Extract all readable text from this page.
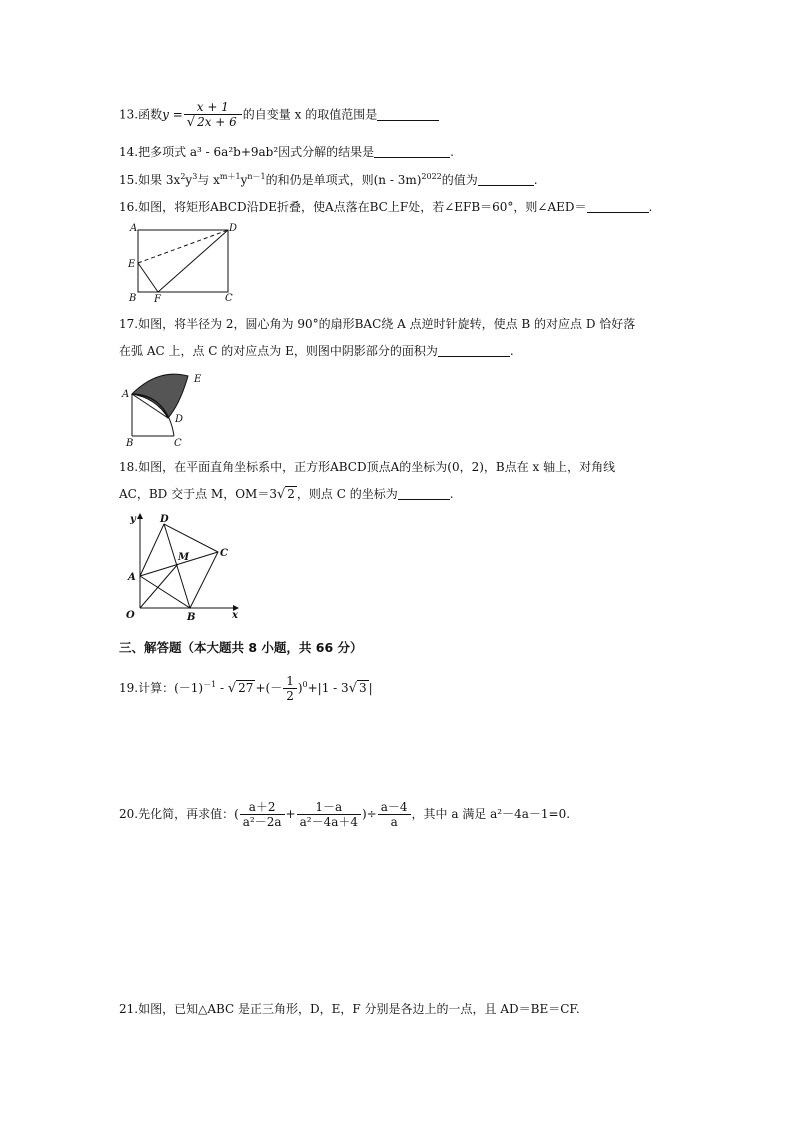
13.函数$y = \frac{x + 1}{√ 2x + 6}$ 的自变量 x 的取值范围是
14.把多项式 a³ - 6a²b+9ab²因式分解的结果是	.
15.如果 $3x^2y^3$与 $x^{m+1}y^{n-1}$的和仍是单项式，则(n - 3m)$^{2022}$的值为	.
16.如图，将矩形ABCD沿DE折叠，使A点落在BC上F处，若∠EFB＝60°，则∠AED＝	.
A	D
E
B F	C
17.如图，将半径为 2，圆心角为 90°的扇形BAC绕 A 点逆时针旋转，使点 B 的对应点 D 恰好落
在弧 AC 上，点 C 的对应点为 E，则图中阴影部分的面积为	.
A
E
D
B	C
18.如图，在平面直角坐标系中，正方形ABCD顶点A的坐标为(0，2)，B点在 x 轴上，对角线
AC，BD 交于点 M，OM＝3√ 2 ，则点 C 的坐标为	.
y
x
O
A
B
C
D
M
三、解答题（本大题共 8 小题，共 66 分）
19.计算：$(-1)^{-1}$ - √ 27 +(－ $\frac{1}{2} )^0+|1 - 3√$ 3 |
20.先化简，再求值：( $\frac{a+2}{\text{a²－2a}} + \frac{1-a}{\text{a²－4a＋4}}$ )÷ $\frac{a-4}{a}$ ，其中 a 满足 a²－4a－1=0.
21.如图，已知△ABC 是正三角形，D，E，F 分别是各边上的一点，且 AD＝BE＝CF.
